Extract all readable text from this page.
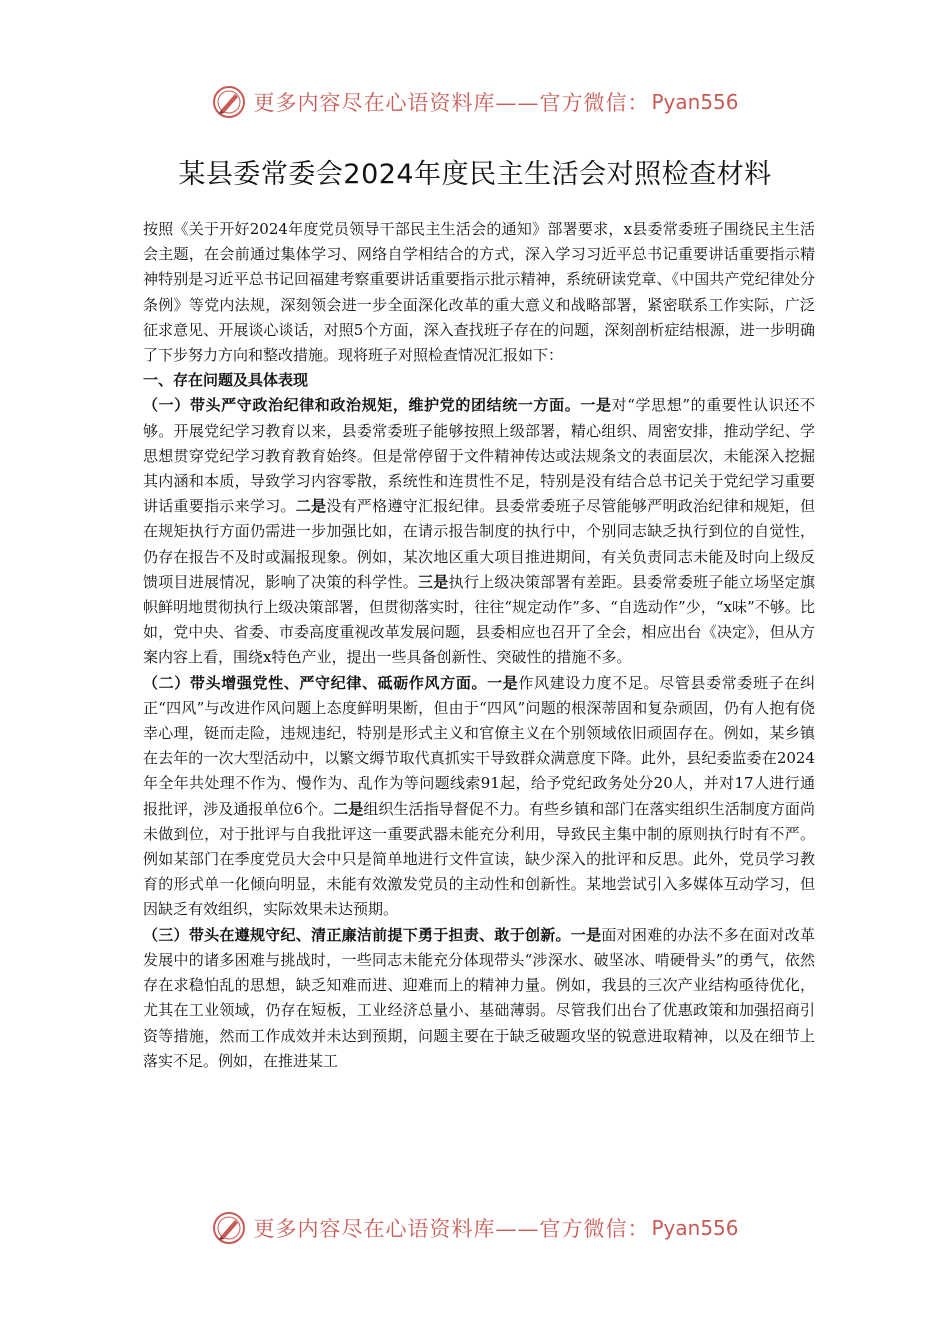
更多内容尽在心语资料库——官方微信： Pyan556
某县委常委会2024年度民主生活会对照检查材料

按照《关于开好2024年度党员领导干部民主生活会的通知》部署要求，x县委常委班子围绕民主生活会主题，在会前通过集体学习、网络自学相结合的方式，深入学习习近平总书记重要讲话重要指示精神特别是习近平总书记回福建考察重要讲话重要指示批示精神，系统研读党章、《中国共产党纪律处分条例》等党内法规，深刻领会进一步全面深化改革的重大意义和战略部署，紧密联系工作实际，广泛征求意见、开展谈心谈话，对照5个方面，深入查找班子存在的问题，深刻剖析症结根源，进一步明确了下步努力方向和整改措施。现将班子对照检查情况汇报如下：

一、存在问题及具体表现

（一）带头严守政治纪律和政治规矩，维护党的团结统一方面。一是对“学思想”的重要性认识还不够。开展党纪学习教育以来，县委常委班子能够按照上级部署，精心组织、周密安排，推动学纪、学思想贯穿党纪学习教育教育始终。但是常停留于文件精神传达或法规条文的表面层次，未能深入挖掘其内涵和本质，导致学习内容零散，系统性和连贯性不足，特别是没有结合总书记关于党纪学习重要讲话重要指示来学习。二是没有严格遵守汇报纪律。县委常委班子尽管能够严明政治纪律和规矩，但在规矩执行方面仍需进一步加强比如，在请示报告制度的执行中，个别同志缺乏执行到位的自觉性，仍存在报告不及时或漏报现象。例如，某次地区重大项目推进期间，有关负责同志未能及时向上级反馈项目进展情况，影响了决策的科学性。三是执行上级决策部署有差距。县委常委班子能立场坚定旗帜鲜明地贯彻执行上级决策部署，但贯彻落实时，往往“规定动作”多、“自选动作”少，“x味”不够。比如，党中央、省委、市委高度重视改革发展问题，县委相应也召开了全会，相应出台《决定》，但从方案内容上看，围绕x特色产业，提出一些具备创新性、突破性的措施不多。

（二）带头增强党性、严守纪律、砥砺作风方面。一是作风建设力度不足。尽管县委常委班子在纠正“四风”与改进作风问题上态度鲜明果断，但由于“四风”问题的根深蒂固和复杂顽固，仍有人抱有侥幸心理，铤而走险，违规违纪，特别是形式主义和官僚主义在个别领域依旧顽固存在。例如，某乡镇在去年的一次大型活动中，以繁文缛节取代真抓实干导致群众满意度下降。此外，县纪委监委在2024年全年共处理不作为、慢作为、乱作为等问题线索91起，给予党纪政务处分20人，并对17人进行通报批评，涉及通报单位6个。二是组织生活指导督促不力。有些乡镇和部门在落实组织生活制度方面尚未做到位，对于批评与自我批评这一重要武器未能充分利用，导致民主集中制的原则执行时有不严。例如某部门在季度党员大会中只是简单地进行文件宣读，缺少深入的批评和反思。此外，党员学习教育的形式单一化倾向明显，未能有效激发党员的主动性和创新性。某地尝试引入多媒体互动学习，但因缺乏有效组织，实际效果未达预期。

（三）带头在遵规守纪、清正廉洁前提下勇于担责、敢于创新。一是面对困难的办法不多在面对改革发展中的诸多困难与挑战时，一些同志未能充分体现带头“涉深水、破坚冰、啃硬骨头”的勇气，依然存在求稳怕乱的思想，缺乏知难而进、迎难而上的精神力量。例如，我县的三次产业结构亟待优化，尤其在工业领域，仍存在短板，工业经济总量小、基础薄弱。尽管我们出台了优惠政策和加强招商引资等措施，然而工作成效并未达到预期，问题主要在于缺乏破题攻坚的锐意进取精神，以及在细节上落实不足。例如，在推进某工

更多内容尽在心语资料库——官方微信： Pyan556
